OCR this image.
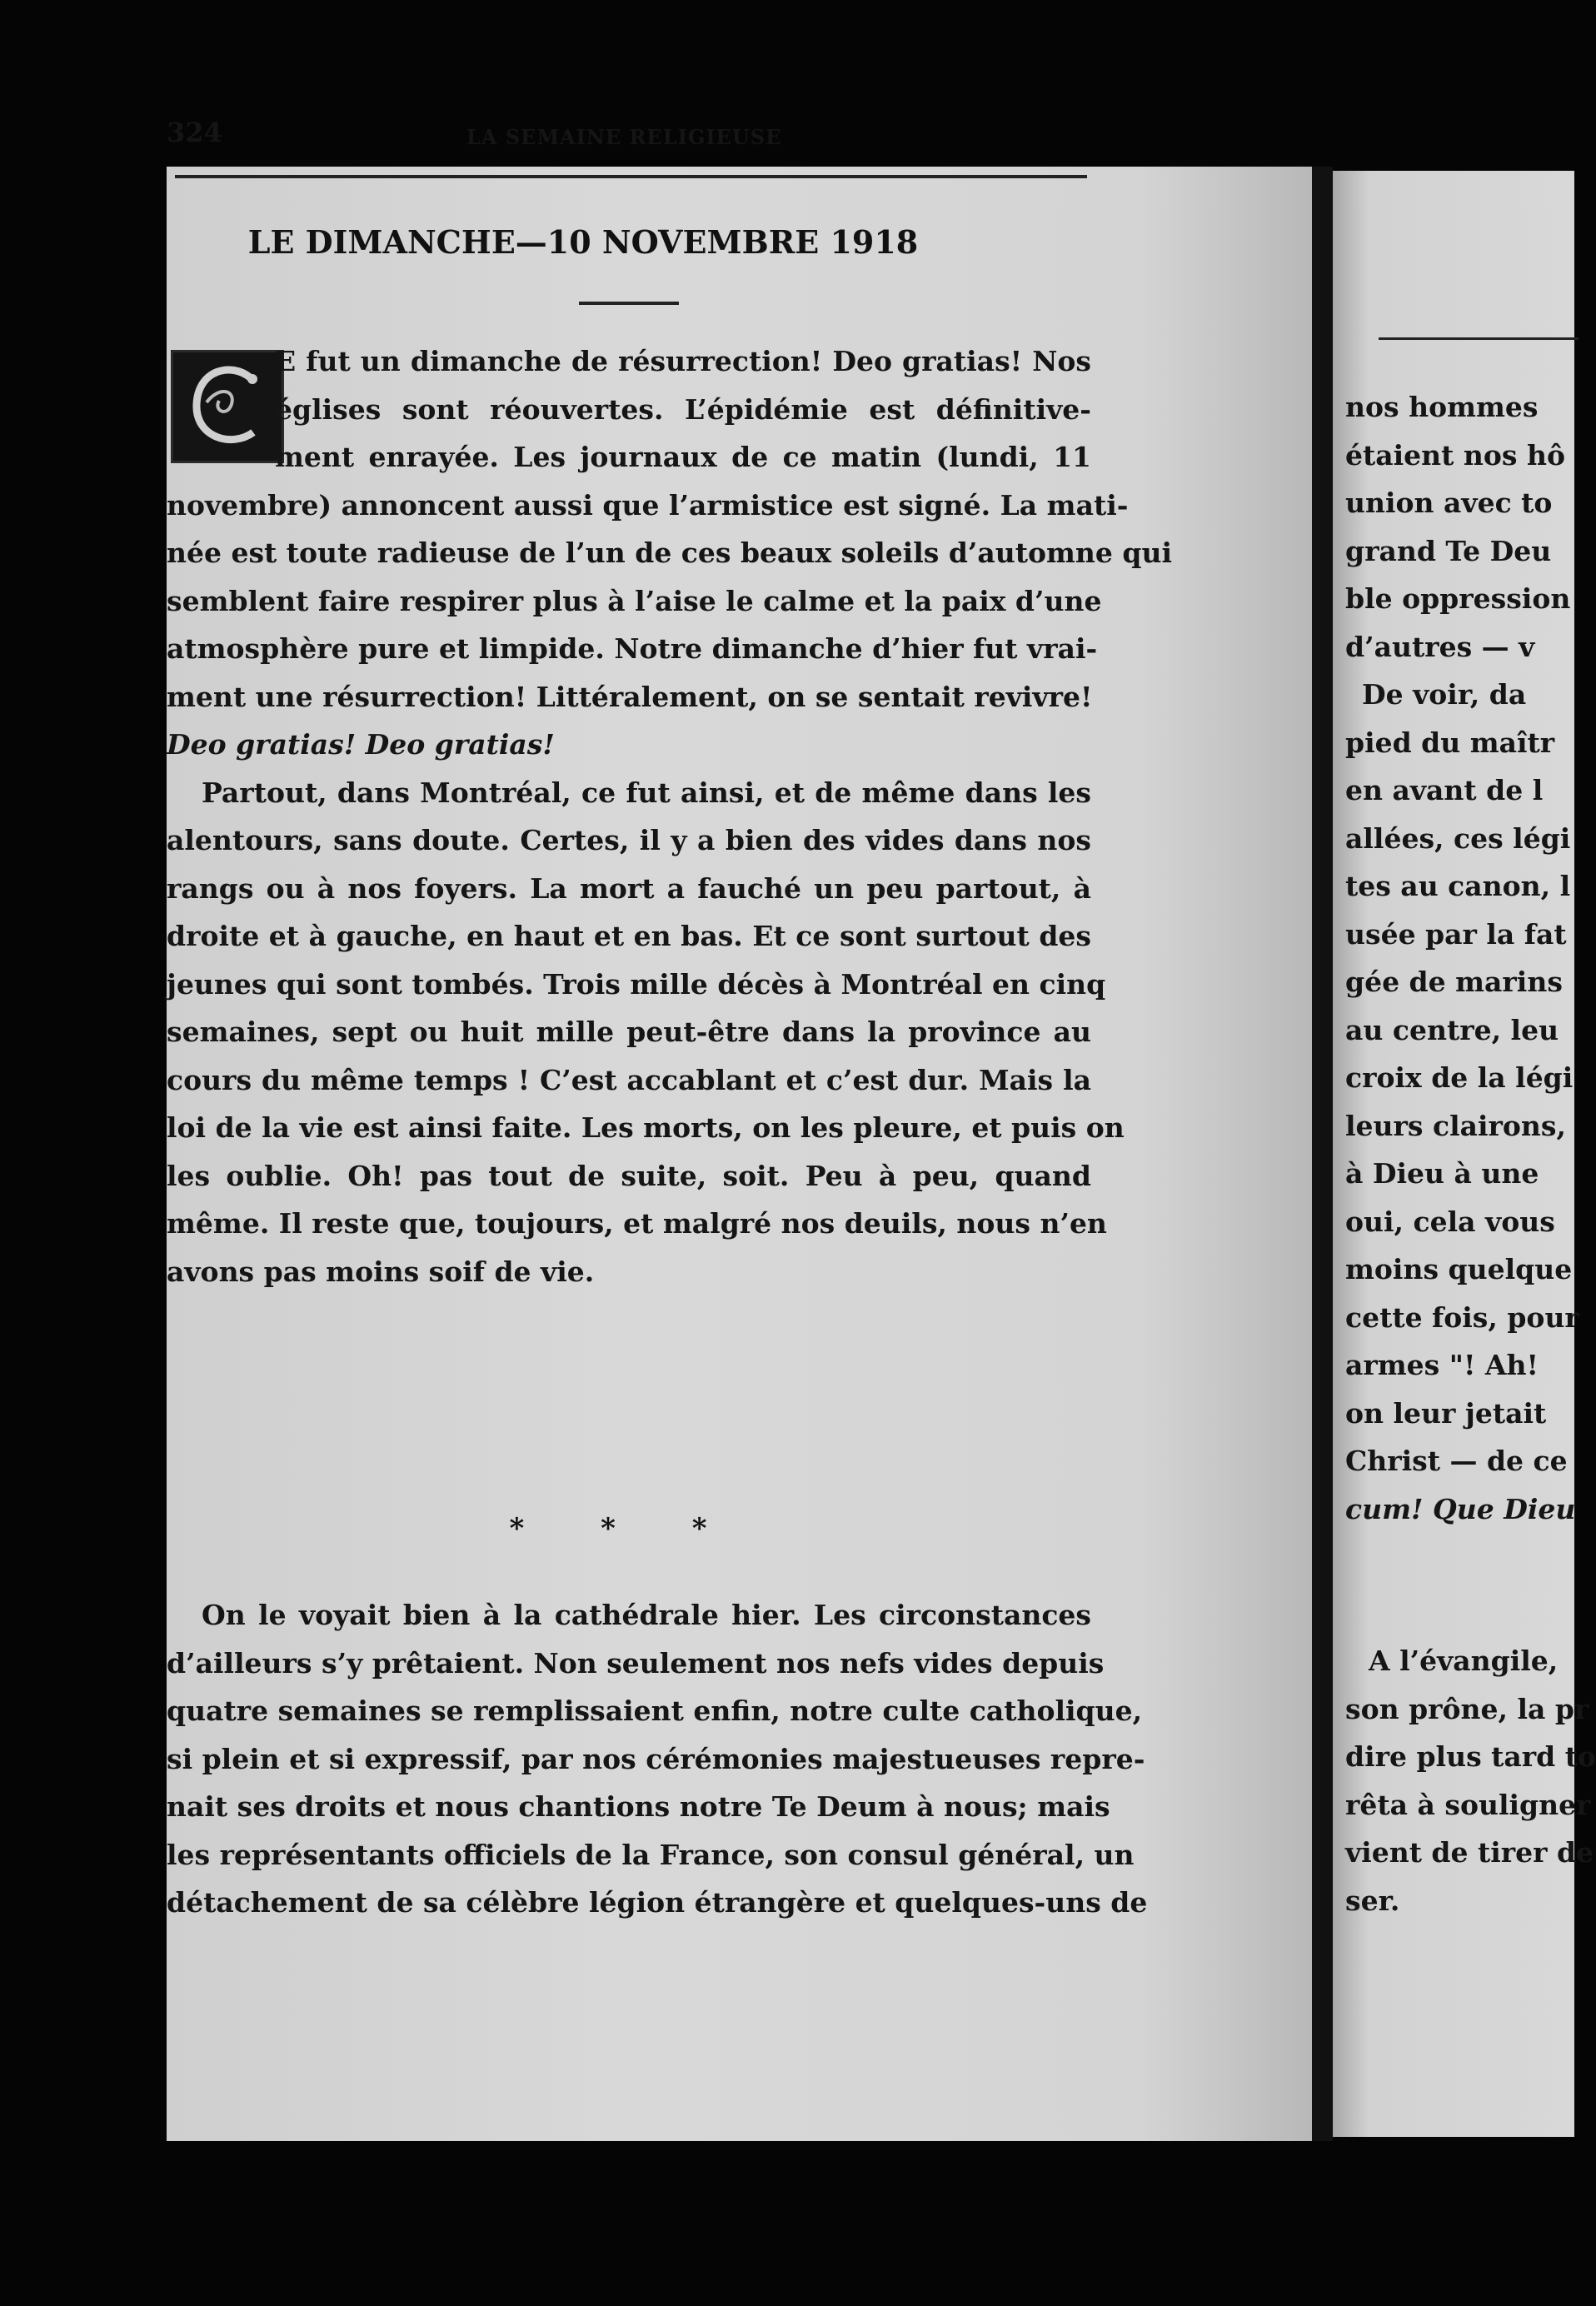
324	LA SEMAINE RELIGIEUSE
LE DIMANCHE—10 NOVEMBRE 1918
E fut un dimanche de résurrection! Deo gratias! Nos
églises sont réouvertes. L’épidémie est définitive-
ment enrayée. Les journaux de ce matin (lundi, 11
novembre) annoncent aussi que l’armistice est signé. La mati-
née est toute radieuse de l’un de ces beaux soleils d’automne qui
semblent faire respirer plus à l’aise le calme et la paix d’une
atmosphère pure et limpide. Notre dimanche d’hier fut vrai-
ment une résurrection! Littéralement, on se sentait revivre!
Deo gratias! Deo gratias!
Partout, dans Montréal, ce fut ainsi, et de même dans les
alentours, sans doute. Certes, il y a bien des vides dans nos
rangs ou à nos foyers. La mort a fauché un peu partout, à
droite et à gauche, en haut et en bas. Et ce sont surtout des
jeunes qui sont tombés. Trois mille décès à Montréal en cinq
semaines, sept ou huit mille peut-être dans la province au
cours du même temps ! C’est accablant et c’est dur. Mais la
loi de la vie est ainsi faite. Les morts, on les pleure, et puis on
les oublie. Oh! pas tout de suite, soit. Peu à peu, quand
même. Il reste que, toujours, et malgré nos deuils, nous n’en
avons pas moins soif de vie.
* * *
On le voyait bien à la cathédrale hier. Les circonstances
d’ailleurs s’y prêtaient. Non seulement nos nefs vides depuis
quatre semaines se remplissaient enfin, notre culte catholique,
si plein et si expressif, par nos cérémonies majestueuses repre-
nait ses droits et nous chantions notre Te Deum à nous; mais
les représentants officiels de la France, son consul général, un
détachement de sa célèbre légion étrangère et quelques-uns de
nos hommes
étaient nos hô
union avec to
grand Te Deu
ble oppression
d’autres — v
De voir, da
pied du maîtr
en avant de l
allées, ces légi
tes au canon, l
usée par la fat
gée de marins
au centre, leu
croix de la légi
leurs clairons,
à Dieu à une
oui, cela vous
moins quelque
cette fois, pour
armes "! Ah!
on leur jetait
Christ — de ce
cum! Que Dieu
A l’évangile,
son prône, la pr
dire plus tard to
rêta à souligner
vient de tirer de
ser.
